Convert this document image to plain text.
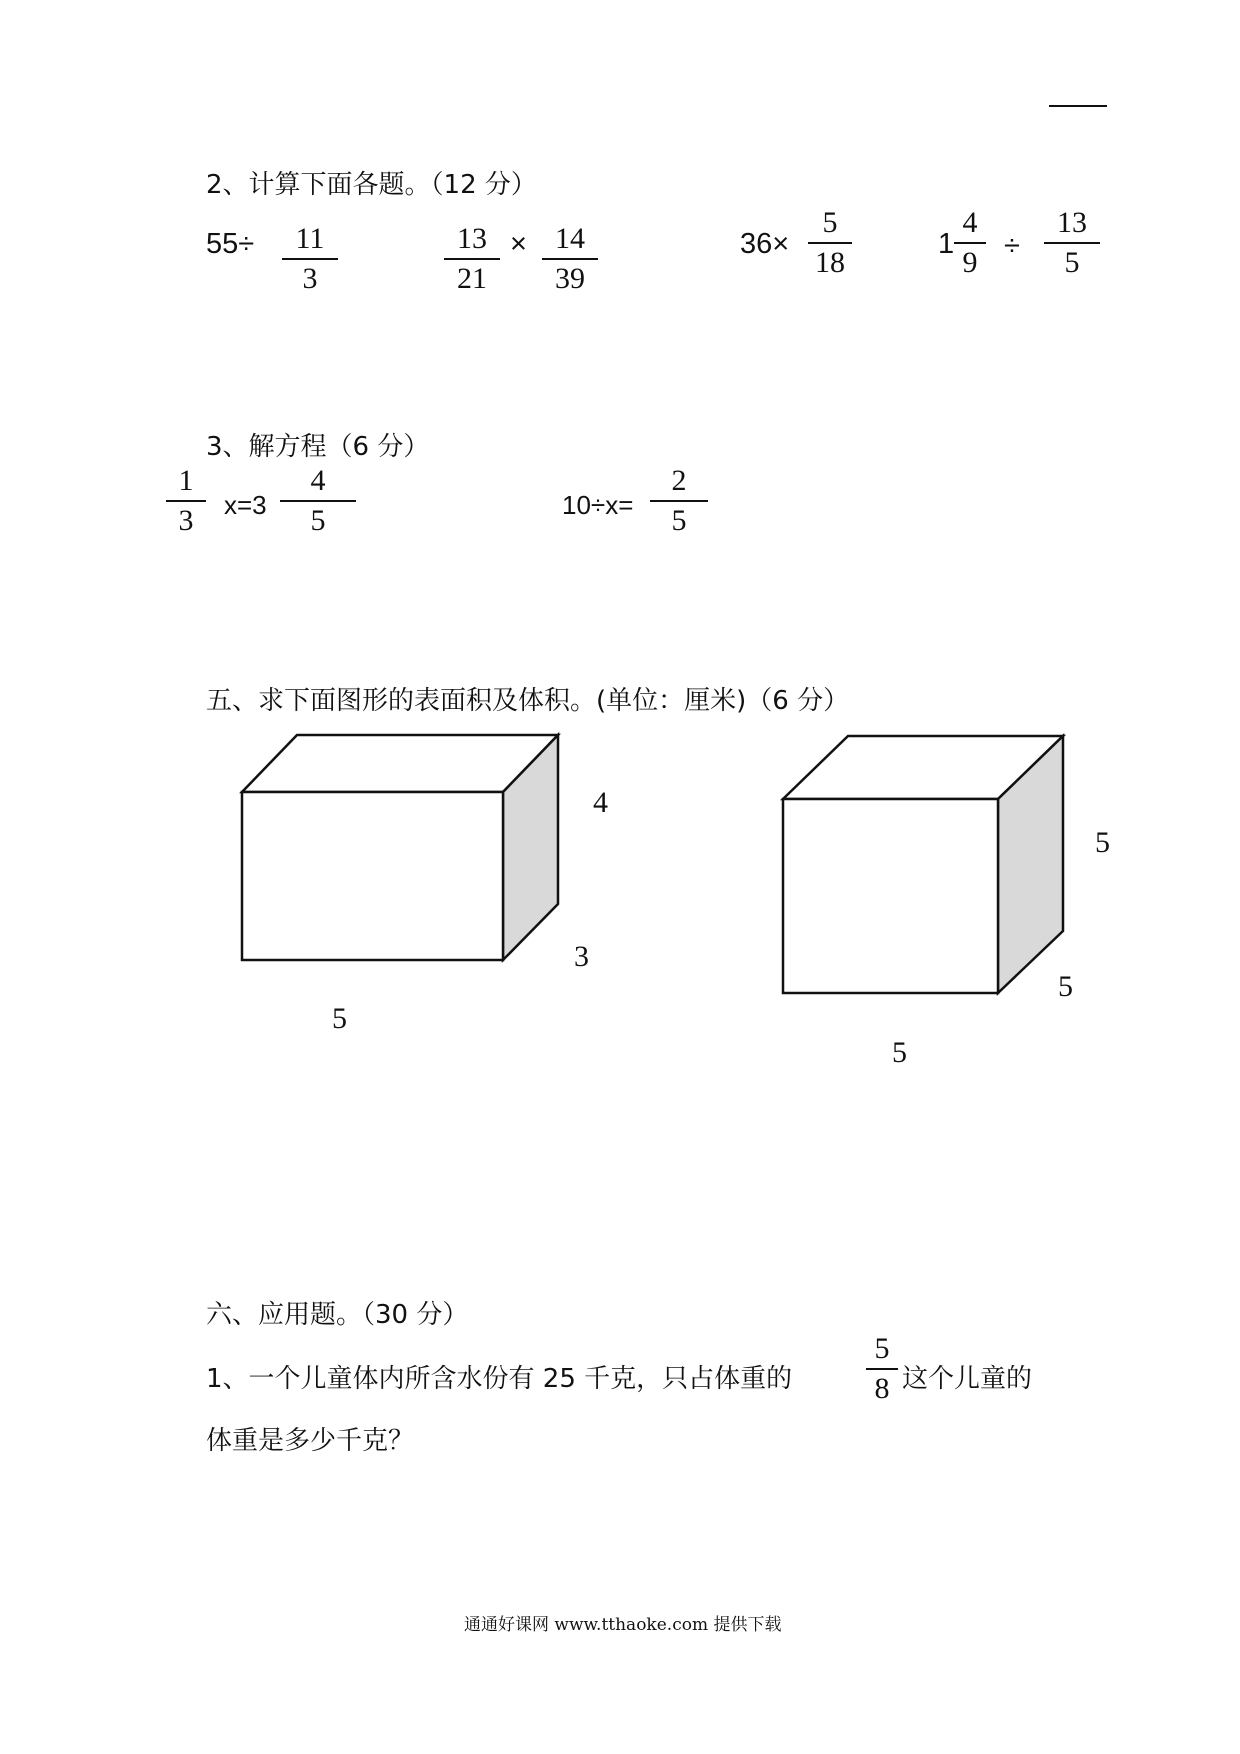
2、计算下面各题。（12 分）
55÷ 11
3
13
21
× 14
39
36×
5
18
1
4
9 ÷
13
5
3、解方程（6 分）
1
3 x=3
4
5	10÷x=
2
5
五、求下面图形的表面积及体积。(单位：厘米)（6 分）
4
3
5
5
5
5
六、应用题。（30 分）
1、一个儿童体内所含水份有 25 千克，只占体重的
5
8 这个儿童的
体重是多少千克？
通通好课网 www.tthaoke.com 提供下载
